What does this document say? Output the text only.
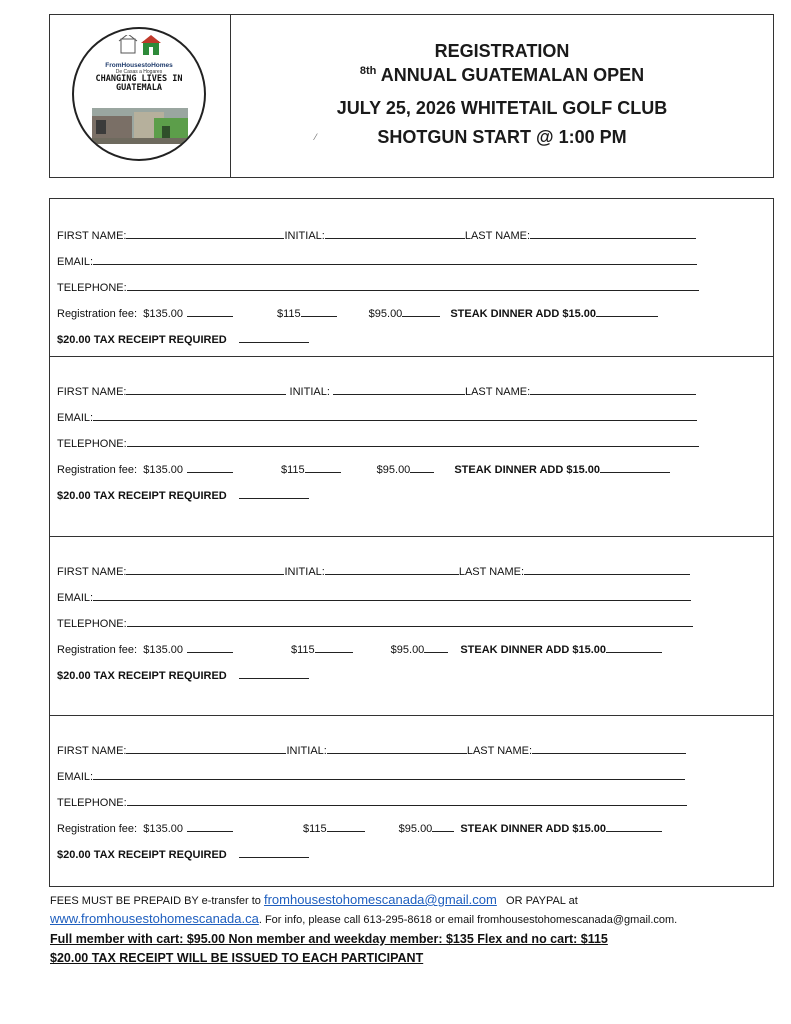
FromHousestoHomes
De Casas a Hogares
CHANGING LIVES IN GUATEMALA
REGISTRATION
$^{8th}$ ANNUAL GUATEMALAN OPEN
JULY 25, 2026 WHITETAIL GOLF CLUB
SHOTGUN START @ 1:00 PM
⁄
FIRST NAME:	INITIAL:	LAST NAME:
EMAIL:
TELEPHONE:
Registration fee: $135.00	$115	$95.00	STEAK DINNER ADD $15.00
$20.00 TAX RECEIPT REQUIRED
FIRST NAME:	INITIAL:	LAST NAME:
EMAIL:
TELEPHONE:
Registration fee: $135.00	$115	$95.00	STEAK DINNER ADD $15.00
$20.00 TAX RECEIPT REQUIRED
FIRST NAME:	INITIAL:	LAST NAME:
EMAIL:
TELEPHONE:
Registration fee: $135.00	$115	$95.00	STEAK DINNER ADD $15.00
$20.00 TAX RECEIPT REQUIRED
FIRST NAME:	INITIAL:	LAST NAME:
EMAIL:
TELEPHONE:
Registration fee: $135.00	$115	$95.00	STEAK DINNER ADD $15.00
$20.00 TAX RECEIPT REQUIRED
FEES MUST BE PREPAID BY e-transfer to fromhousestohomescanada@gmail.com OR PAYPAL at
www.fromhousestohomescanada.ca. For info, please call 613-295-8618 or email fromhousestohomescanada@gmail.com.
Full member with cart: $95.00 Non member and weekday member: $135 Flex and no cart: $115
$20.00 TAX RECEIPT WILL BE ISSUED TO EACH PARTICIPANT
